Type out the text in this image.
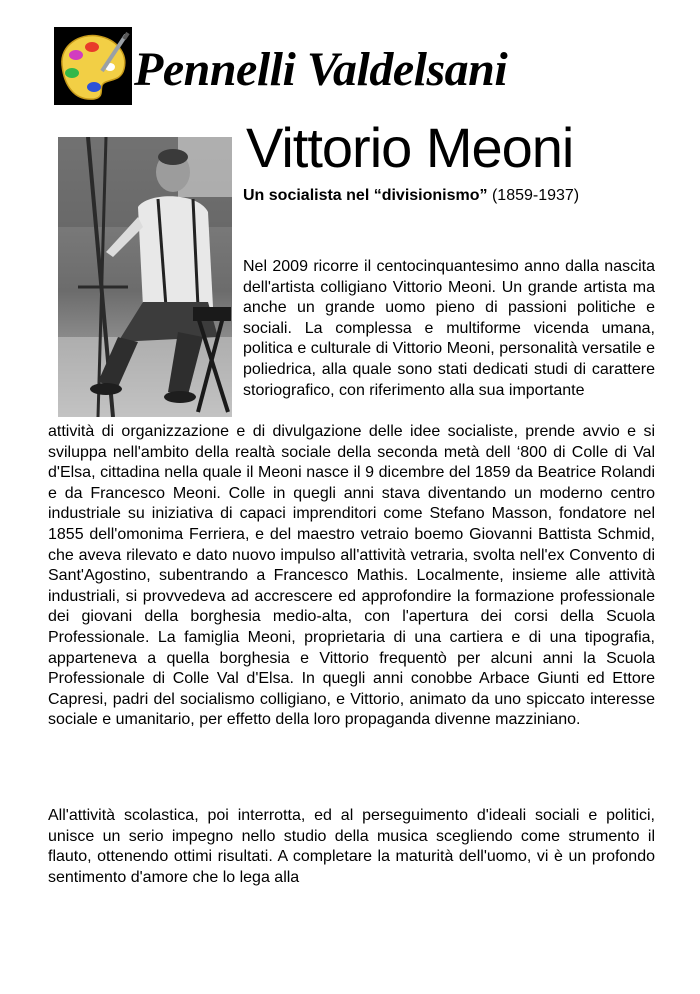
Pennelli Valdelsani
Vittorio Meoni

Un socialista nel “divisionismo” (1859-1937)

Nel 2009 ricorre il centocinquantesimo anno dalla nascita dell'artista colligiano Vittorio Meoni. Un grande artista ma anche un grande uomo pieno di passioni politiche e sociali. La complessa e multiforme vicenda umana, politica e culturale di Vittorio Meoni, personalità versatile e poliedrica, alla quale sono stati dedicati studi di carattere storiografico, con riferimento alla sua importante

attività di organizzazione e di divulgazione delle idee socialiste, prende avvio e si sviluppa nell'ambito della realtà sociale della seconda metà dell ‘800 di Colle di Val d'Elsa, cittadina nella quale il Meoni nasce il 9 dicembre del 1859 da Beatrice Rolandi e da Francesco Meoni. Colle in quegli anni stava diventando un moderno centro industriale su iniziativa di capaci imprenditori come Stefano Masson, fondatore nel 1855 dell'omonima Ferriera, e del maestro vetraio boemo Giovanni Battista Schmid, che aveva rilevato e dato nuovo impulso all'attività vetraria, svolta nell'ex Convento di Sant'Agostino, subentrando a Francesco Mathis. Localmente, insieme alle attività industriali, si provvedeva ad accrescere ed approfondire la formazione professionale dei giovani della borghesia medio-alta, con l'apertura dei corsi della Scuola Professionale. La famiglia Meoni, proprietaria di una cartiera e di una tipografia, apparteneva a quella borghesia e Vittorio frequentò per alcuni anni la Scuola Professionale di Colle Val d'Elsa. In quegli anni conobbe Arbace Giunti ed Ettore Capresi, padri del socialismo colligiano, e Vittorio, animato da uno spiccato interesse sociale e umanitario, per effetto della loro propaganda divenne mazziniano.

All'attività scolastica, poi interrotta, ed al perseguimento d'ideali sociali e politici, unisce un serio impegno nello studio della musica scegliendo come strumento il flauto, ottenendo ottimi risultati. A completare la maturità dell'uomo, vi è un profondo sentimento d'amore che lo lega alla
